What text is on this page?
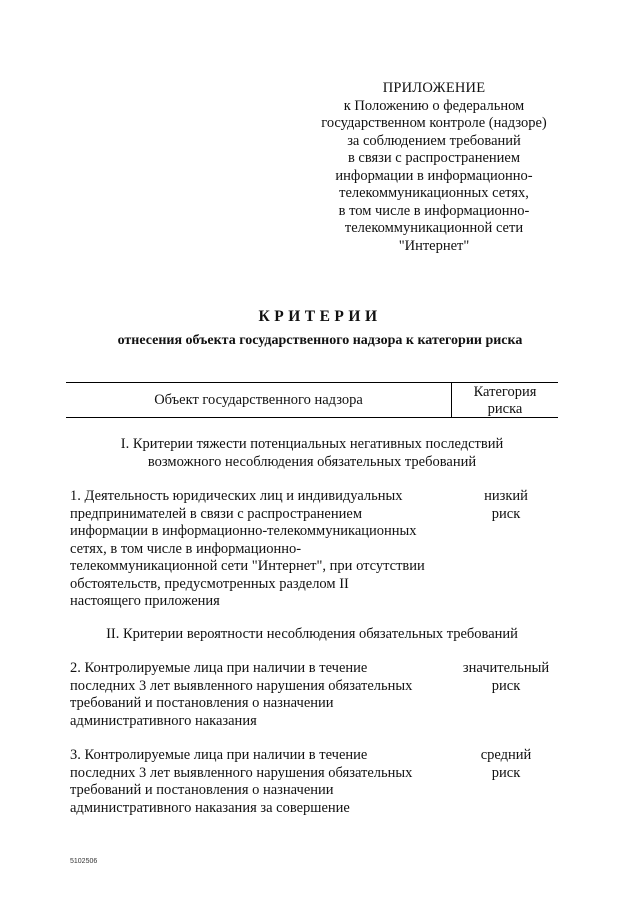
ПРИЛОЖЕНИЕ
к Положению о федеральном
государственном контроле (надзоре)
за соблюдением требований
в связи с распространением
информации в информационно-
телекоммуникационных сетях,
в том числе в информационно-
телекоммуникационной сети
"Интернет"
КРИТЕРИИ
отнесения объекта государственного надзора к категории риска
Объект государственного надзора	Категория
риска
I. Критерии тяжести потенциальных негативных последствий
возможного несоблюдения обязательных требований
1. Деятельность юридических лиц и индивидуальных
предпринимателей в связи с распространением
информации в информационно-телекоммуникационных
сетях, в том числе в информационно-
телекоммуникационной сети "Интернет", при отсутствии
обстоятельств, предусмотренных разделом II
настоящего приложения
низкий
риск
II. Критерии вероятности несоблюдения обязательных требований
2. Контролируемые лица при наличии в течение
последних 3 лет выявленного нарушения обязательных
требований и постановления о назначении
административного наказания
значительный
риск
3. Контролируемые лица при наличии в течение
последних 3 лет выявленного нарушения обязательных
требований и постановления о назначении
административного наказания за совершение
средний
риск
5102506
